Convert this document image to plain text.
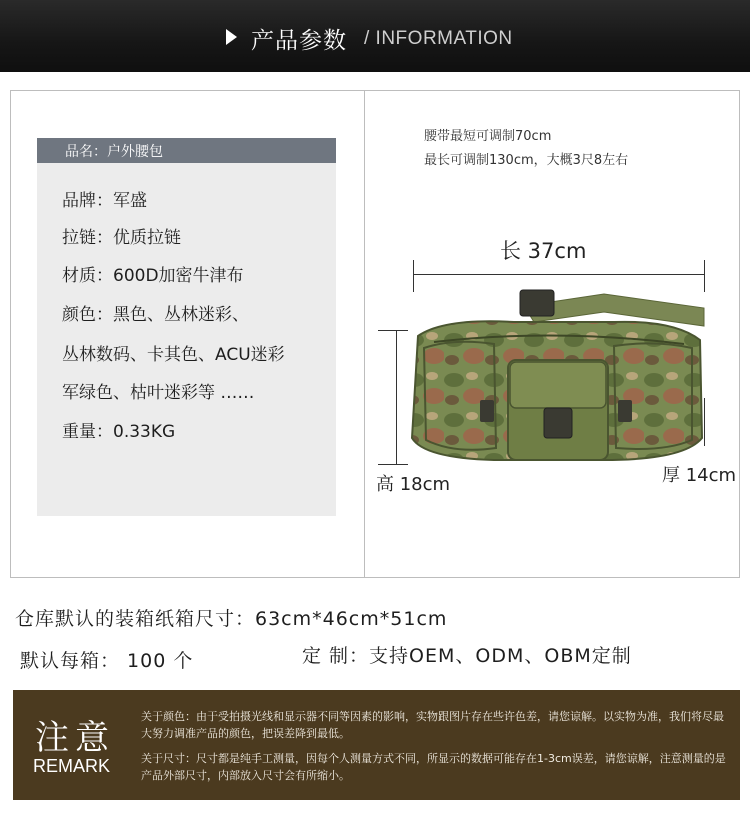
产品参数 / INFORMATION
品名：户外腰包
品牌：军盛
拉链：优质拉链
材质：600D加密牛津布
颜色：黑色、丛林迷彩、
丛林数码、卡其色、ACU迷彩
军绿色、枯叶迷彩等 ……
重量：0.33KG
腰带最短可调制70cm
最长可调制130cm，大概3尺8左右
长 37cm
高 18cm	厚 14cm
仓库默认的装箱纸箱尺寸：63cm*46cm*51cm
默认每箱： 100 个	定 制：支持OEM、ODM、OBM定制
注意
REMARK
关于颜色：由于受拍摄光线和显示器不同等因素的影响，实物跟图片存在些许色差，请您谅解。以实物为准，我们将尽最大努力调准产品的颜色，把误差降到最低。
关于尺寸：尺寸都是纯手工测量，因每个人测量方式不同，所显示的数据可能存在1-3cm误差，请您谅解，注意测量的是产品外部尺寸，内部放入尺寸会有所缩小。
